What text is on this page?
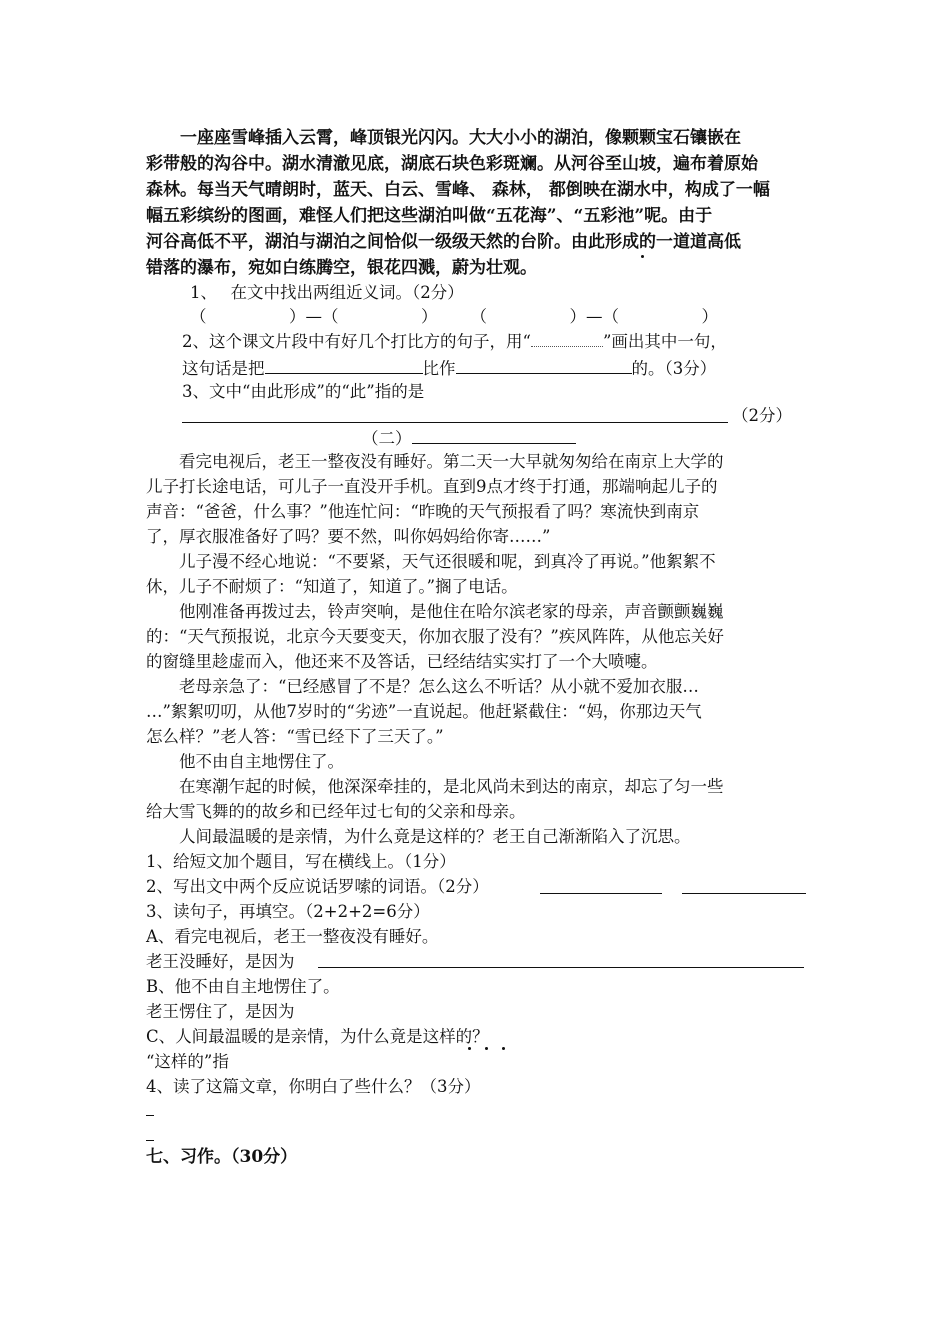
　　一座座雪峰插入云霄，峰顶银光闪闪。大大小小的湖泊，像颗颗宝石镶嵌在
彩带般的沟谷中。湖水清澈见底，湖底石块色彩斑斓。从河谷至山坡，遍布着原始
森林。每当天气晴朗时，蓝天、白云、雪峰、 森林， 都倒映在湖水中，构成了一幅
幅五彩缤纷的图画，难怪人们把这些湖泊叫做“五花海”、“五彩池”呢。由于
河谷高低不平，湖泊与湖泊之间恰似一级级天然的台阶。由此形成的一道道高低
错落的瀑布，宛如白练腾空，银花四溅，蔚为壮观。
1、　 在文中找出两组近义词。（2分）
（　　　　　）—（　　　　　）　　　（　　　　　）—（　　　　　）
2、这个课文片段中有好几个打比方的句子，用“	”画出其中一句，
这句话是把	比作	的。（3分）
3、文中“由此形成”的“此”指的是
（2分）
（二）
　　看完电视后，老王一整夜没有睡好。第二天一大早就匆匆给在南京上大学的
儿子打长途电话，可儿子一直没开手机。直到9点才终于打通，那端响起儿子的
声音：“爸爸，什么事？”他连忙问：“昨晚的天气预报看了吗？寒流快到南京
了，厚衣服准备好了吗？要不然，叫你妈妈给你寄……”
　　儿子漫不经心地说：“不要紧，天气还很暖和呢，到真冷了再说。”他絮絮不
休，儿子不耐烦了：“知道了，知道了。”搁了电话。
　　他刚准备再拨过去，铃声突响，是他住在哈尔滨老家的母亲，声音颤颤巍巍
的：“天气预报说，北京今天要变天，你加衣服了没有？”疾风阵阵，从他忘关好
的窗缝里趁虚而入，他还来不及答话，已经结结实实打了一个大喷嚏。
　　老母亲急了：“已经感冒了不是？怎么这么不听话？从小就不爱加衣服…
…”絮絮叨叨，从他7岁时的“劣迹”一直说起。他赶紧截住：“妈，你那边天气
怎么样？”老人答：“雪已经下了三天了。”
　　他不由自主地愣住了。
　　在寒潮乍起的时候，他深深牵挂的，是北风尚未到达的南京，却忘了匀一些
给大雪飞舞的的故乡和已经年过七旬的父亲和母亲。
　　人间最温暖的是亲情，为什么竟是这样的？老王自己渐渐陷入了沉思。
1、给短文加个题目，写在横线上。（1分）
2、写出文中两个反应说话罗嗦的词语。（2分）
3、读句子，再填空。（2+2+2=6分）
A、看完电视后，老王一整夜没有睡好。
老王没睡好，是因为
B、他不由自主地愣住了。
老王愣住了，是因为
C、人间最温暖的是亲情，为什么竟是这样的？
“这样的”指
4、读了这篇文章，你明白了些什么？（3分）
七、习作。（30分）
